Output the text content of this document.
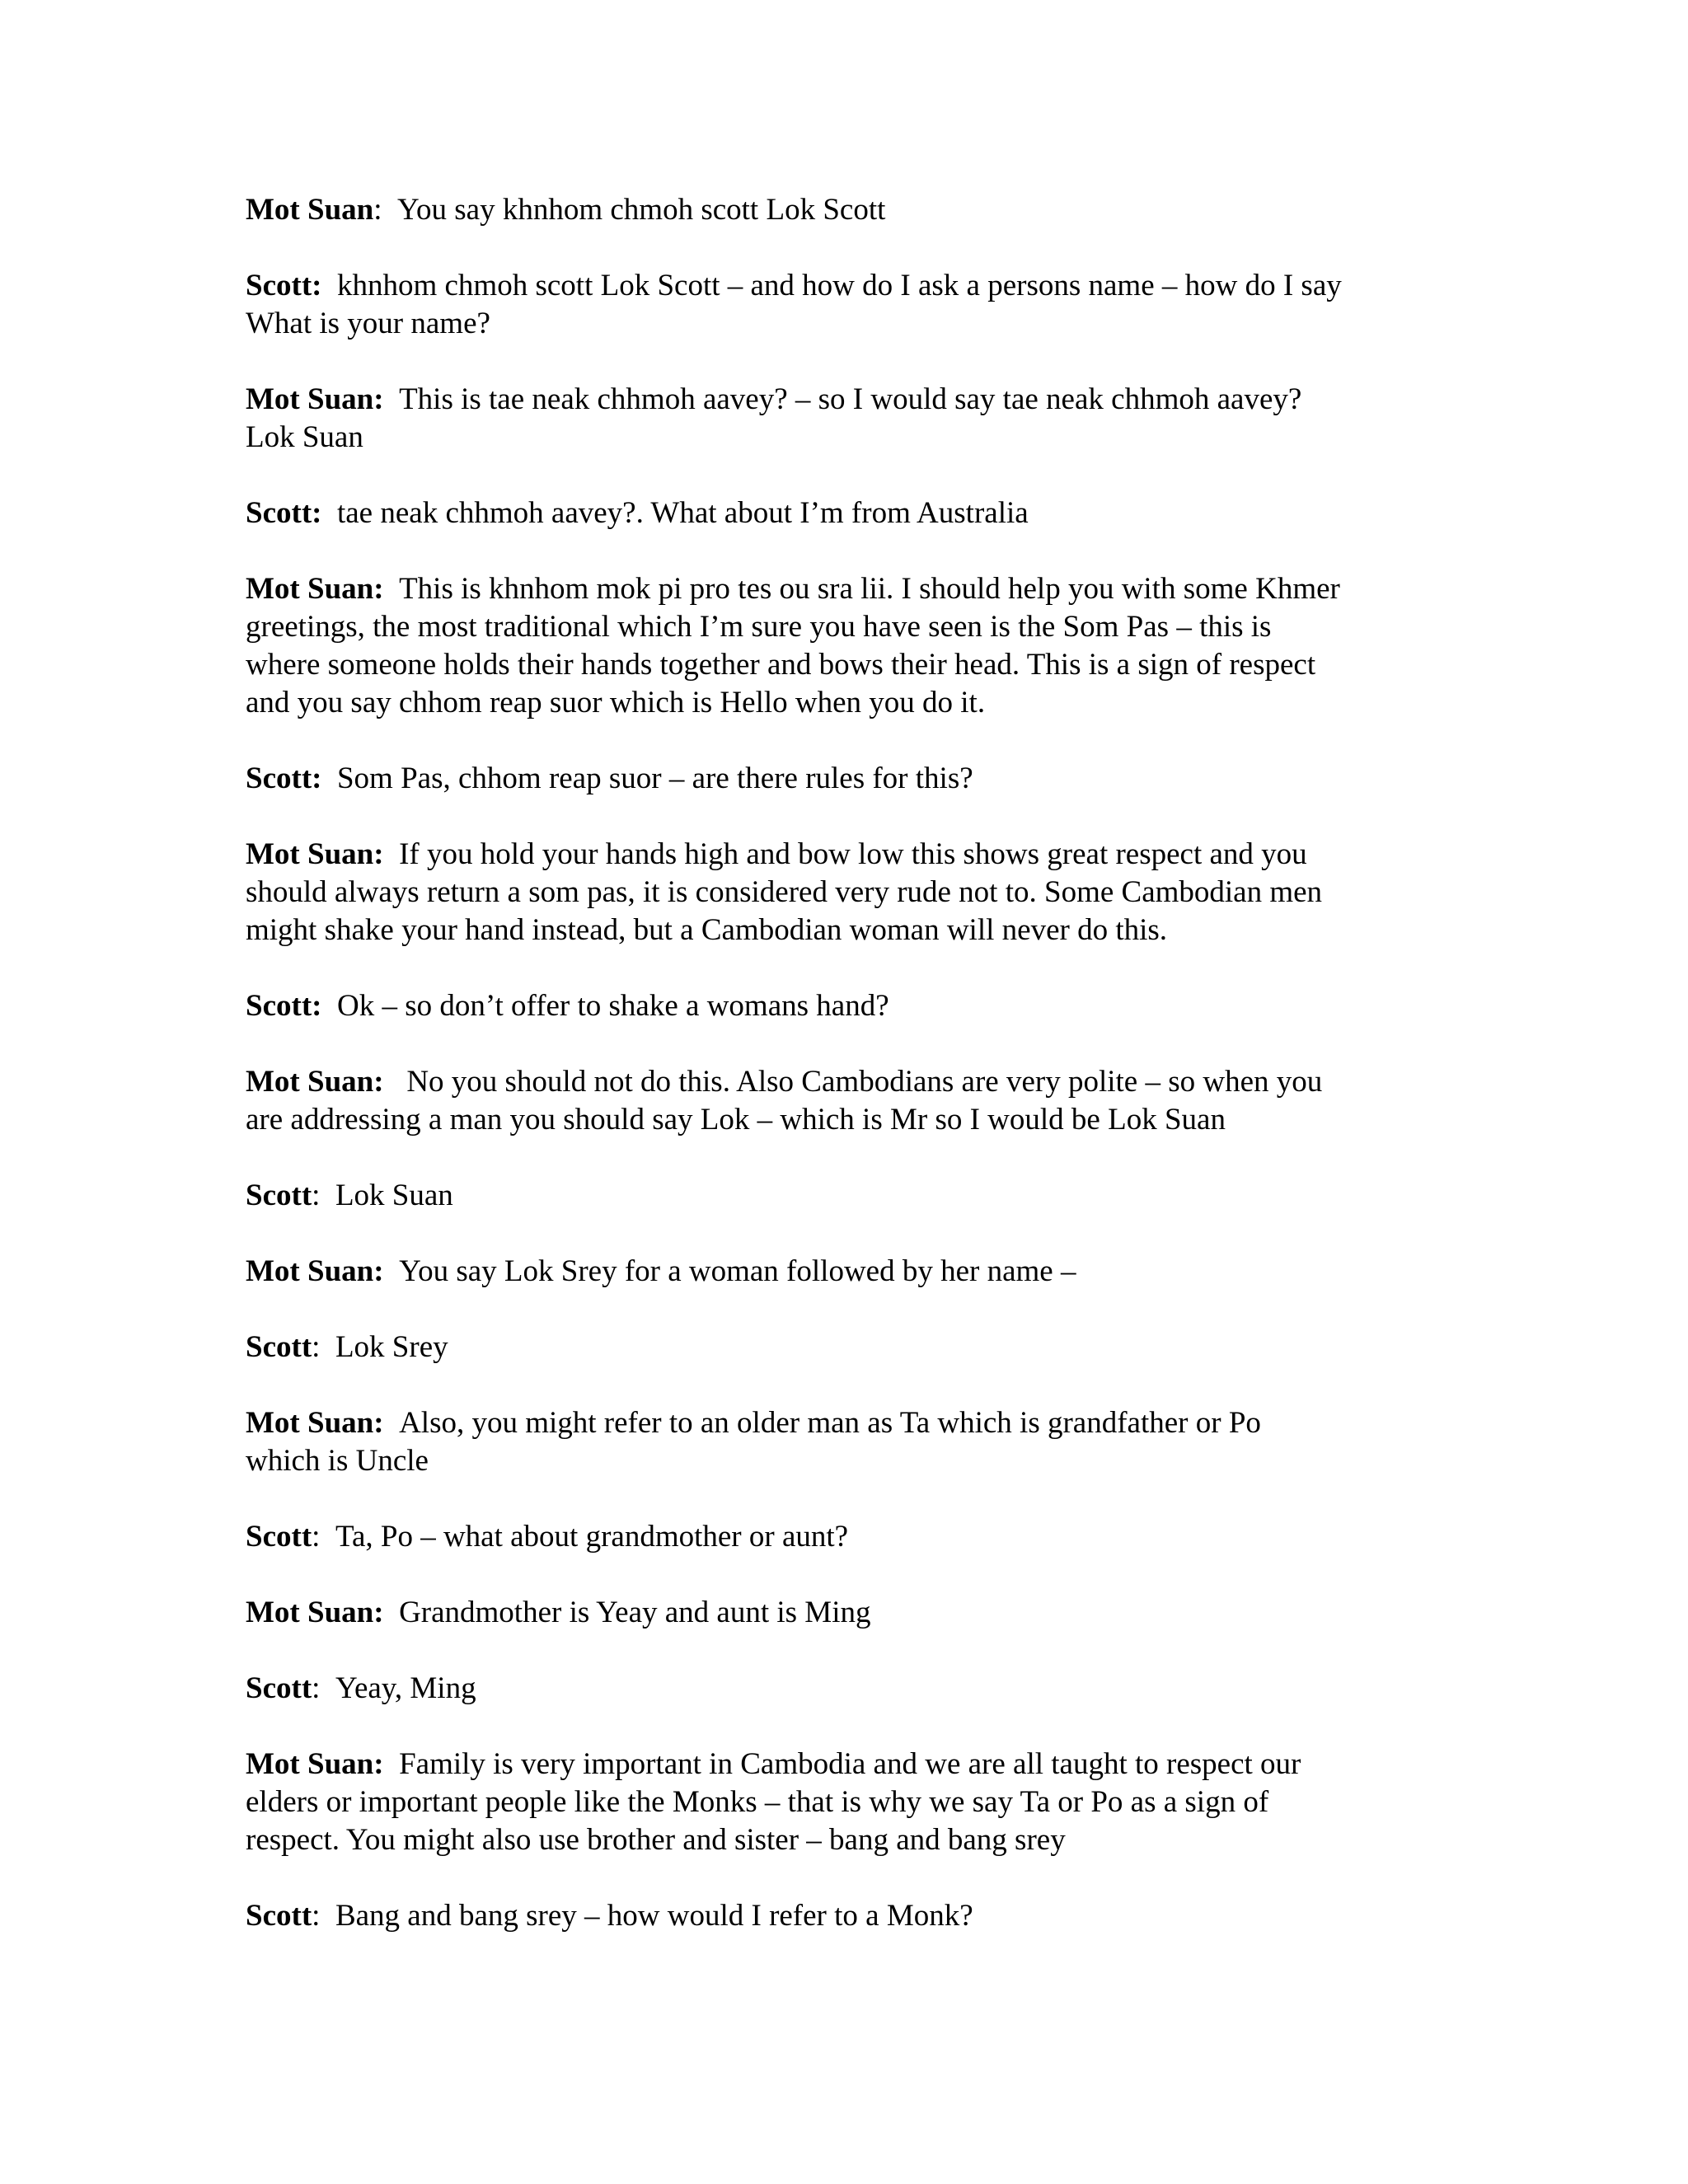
Mot Suan: You say khnhom chmoh scott Lok Scott
Scott: khnhom chmoh scott Lok Scott – and how do I ask a persons name – how do I say
What is your name?
Mot Suan: This is tae neak chhmoh aavey? – so I would say tae neak chhmoh aavey?
Lok Suan
Scott: tae neak chhmoh aavey?. What about I’m from Australia
Mot Suan: This is khnhom mok pi pro tes ou sra lii. I should help you with some Khmer
greetings, the most traditional which I’m sure you have seen is the Som Pas – this is
where someone holds their hands together and bows their head. This is a sign of respect
and you say chhom reap suor which is Hello when you do it.
Scott: Som Pas, chhom reap suor – are there rules for this?
Mot Suan: If you hold your hands high and bow low this shows great respect and you
should always return a som pas, it is considered very rude not to. Some Cambodian men
might shake your hand instead, but a Cambodian woman will never do this.
Scott: Ok – so don’t offer to shake a womans hand?
Mot Suan:   No you should not do this. Also Cambodians are very polite – so when you
are addressing a man you should say Lok – which is Mr so I would be Lok Suan
Scott: Lok Suan
Mot Suan: You say Lok Srey for a woman followed by her name –
Scott: Lok Srey
Mot Suan: Also, you might refer to an older man as Ta which is grandfather or Po
which is Uncle
Scott: Ta, Po – what about grandmother or aunt?
Mot Suan: Grandmother is Yeay and aunt is Ming
Scott: Yeay, Ming
Mot Suan: Family is very important in Cambodia and we are all taught to respect our
elders or important people like the Monks – that is why we say Ta or Po as a sign of
respect. You might also use brother and sister – bang and bang srey
Scott: Bang and bang srey – how would I refer to a Monk?
